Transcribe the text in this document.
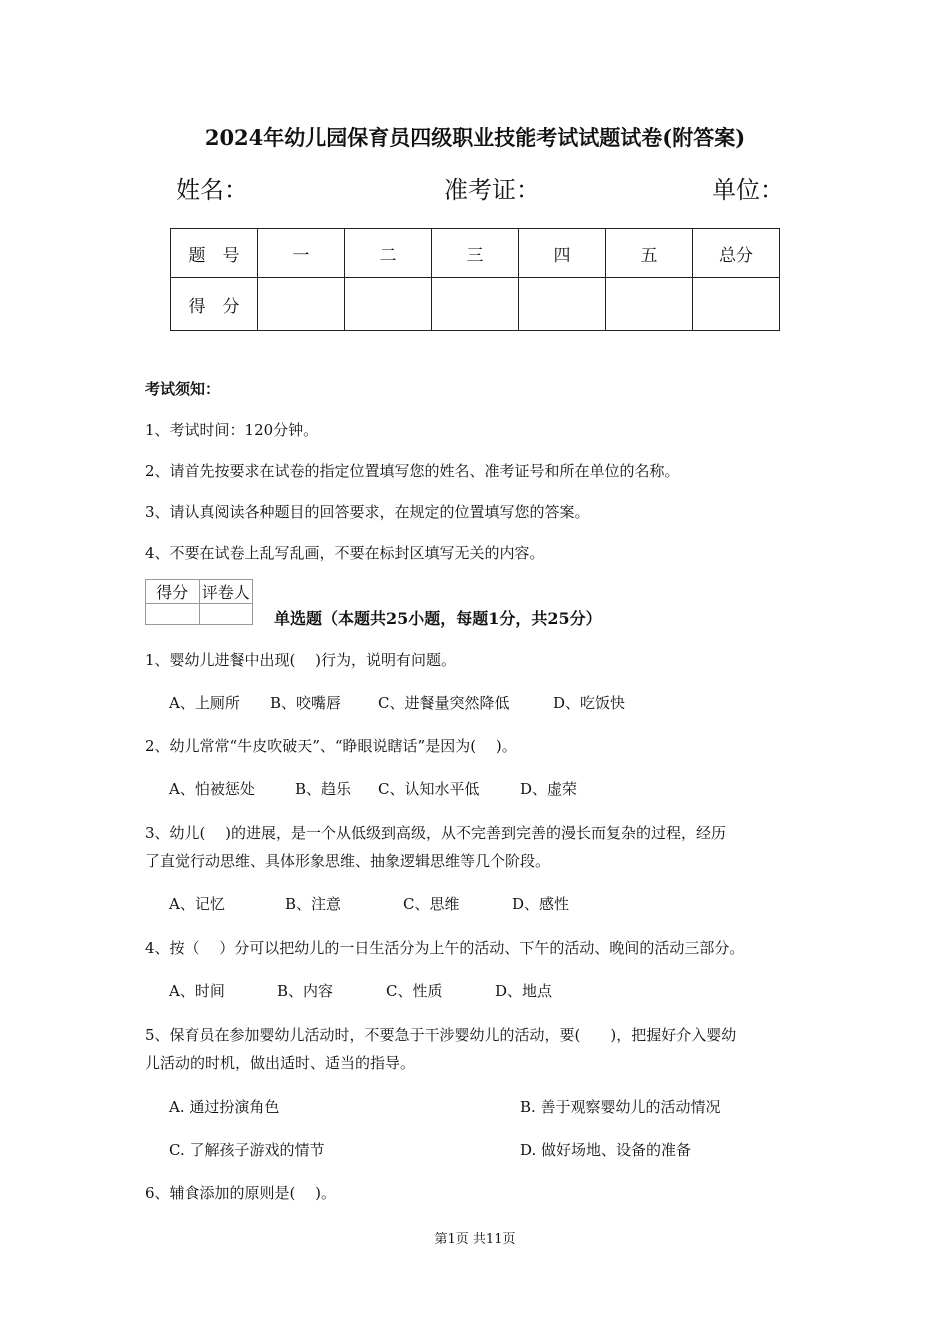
2024年幼儿园保育员四级职业技能考试试题试卷(附答案)
姓名：	准考证：	单位：
题　号	一	二	三	四	五	总分
得　分						
考试须知：
1、考试时间：120分钟。
2、请首先按要求在试卷的指定位置填写您的姓名、准考证号和所在单位的名称。
3、请认真阅读各种题目的回答要求，在规定的位置填写您的答案。
4、不要在试卷上乱写乱画，不要在标封区填写无关的内容。
得分	评卷人

单选题（本题共25小题，每题1分，共25分）
1、婴幼儿进餐中出现(　 )行为，说明有问题。
A、上厕所 B、咬嘴唇 C、进餐量突然降低	D、吃饭快
2、幼儿常常“牛皮吹破天”、“睁眼说瞎话”是因为(　 )。
A、怕被惩处	B、趋乐 C、认知水平低	D、虚荣
3、幼儿(　 )的进展，是一个从低级到高级，从不完善到完善的漫长而复杂的过程，经历
了直觉行动思维、具体形象思维、抽象逻辑思维等几个阶段。
A、记忆	B、注意	C、思维	D、感性
4、按（　 ）分可以把幼儿的一日生活分为上午的活动、下午的活动、晚间的活动三部分。
A、时间	B、内容	C、性质	D、地点
5、保育员在参加婴幼儿活动时，不要急于干涉婴幼儿的活动，要(　　)，把握好介入婴幼
儿活动的时机，做出适时、适当的指导。
A. 通过扮演角色	B. 善于观察婴幼儿的活动情况
C. 了解孩子游戏的情节	D. 做好场地、设备的准备
6、辅食添加的原则是(　 )。
第1页 共11页
